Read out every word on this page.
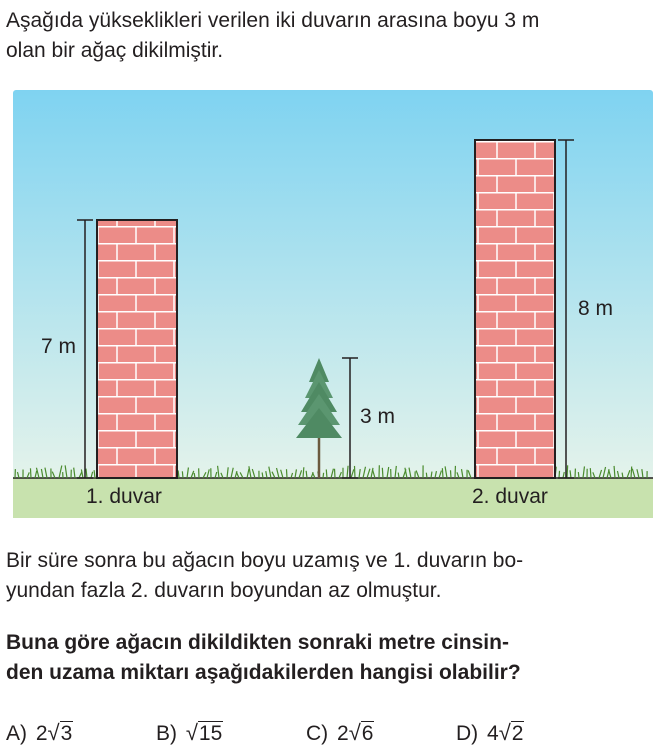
Aşağıda yükseklikleri verilen iki duvarın arasına boyu 3 m
olan bir ağaç dikilmiştir.
7 m
1. duvar
8 m
2. duvar
3 m
Bir süre sonra bu ağacın boyu uzamış ve 1. duvarın bo-
yundan fazla 2. duvarın boyundan az olmuştur.
Buna göre ağacın dikildikten sonraki metre cinsin-
den uzama miktarı aşağıdakilerden hangisi olabilir?
A) 2√3	B) √15	C) 2√6	D) 4√2
